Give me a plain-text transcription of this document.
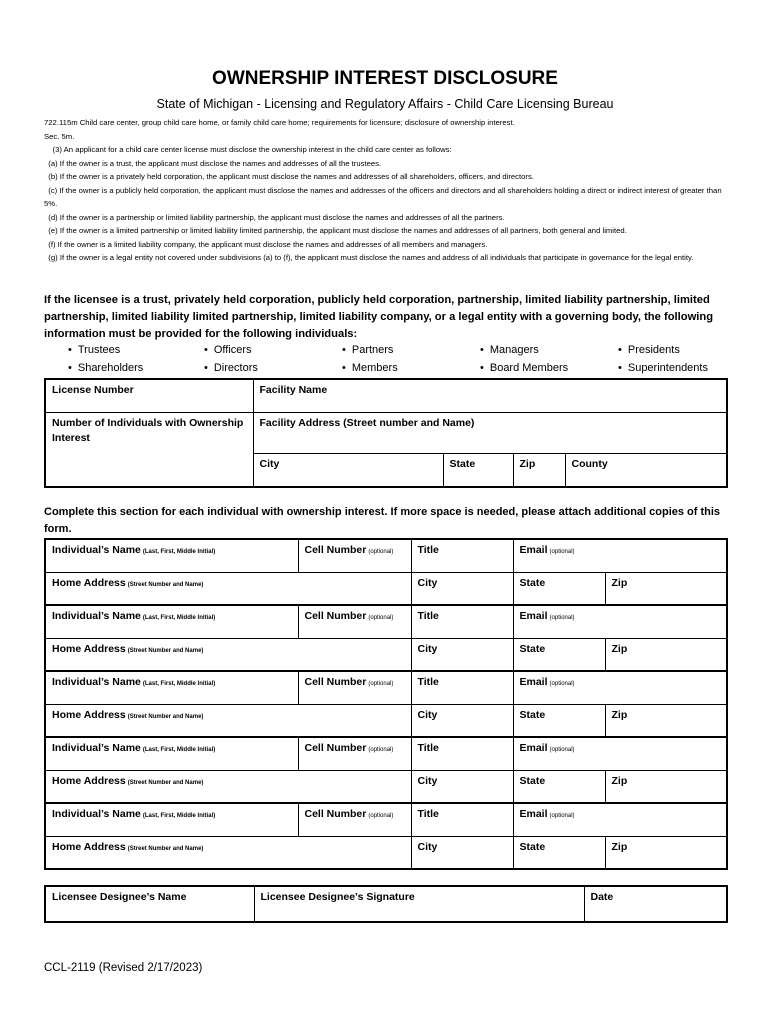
OWNERSHIP INTEREST DISCLOSURE
State of Michigan - Licensing and Regulatory Affairs - Child Care Licensing Bureau
722.115m Child care center, group child care home, or family child care home; requirements for licensure; disclosure of ownership interest.
Sec. 5m.
(3) An applicant for a child care center license must disclose the ownership interest in the child care center as follows:
(a) If the owner is a trust, the applicant must disclose the names and addresses of all the trustees.
(b) If the owner is a privately held corporation, the applicant must disclose the names and addresses of all shareholders, officers, and directors.
(c) If the owner is a publicly held corporation, the applicant must disclose the names and addresses of the officers and directors and all shareholders holding a direct or indirect interest of greater than 5%.
(d) If the owner is a partnership or limited liability partnership, the applicant must disclose the names and addresses of all the partners.
(e) If the owner is a limited partnership or limited liability limited partnership, the applicant must disclose the names and addresses of all partners, both general and limited.
(f) If the owner is a limited liability company, the applicant must disclose the names and addresses of all members and managers.
(g) If the owner is a legal entity not covered under subdivisions (a) to (f), the applicant must disclose the names and address of all individuals that participate in governance for the legal entity.
If the licensee is a trust, privately held corporation, publicly held corporation, partnership, limited liability partnership, limited partnership, limited liability limited partnership, limited liability company, or a legal entity with a governing body, the following information must be provided for the following individuals:
• Trustees	• Officers	• Partners	• Managers	• Presidents
• Shareholders	• Directors	• Members	• Board Members	• Superintendents
License Number	Facility Name			
Number of Individuals with Ownership Interest	Facility Address (Street number and Name)			
	City	State	Zip	County
Complete this section for each individual with ownership interest. If more space is needed, please attach additional copies of this form.
Individual’s Name (Last, First, Middle Initial)	Cell Number (optional)	Title	Email (optional)	
Home Address (Street Number and Name)		City	State	Zip
Individual’s Name (Last, First, Middle Initial)	Cell Number (optional)	Title	Email (optional)	
Home Address (Street Number and Name)		City	State	Zip
Individual’s Name (Last, First, Middle Initial)	Cell Number (optional)	Title	Email (optional)	
Home Address (Street Number and Name)		City	State	Zip
Individual’s Name (Last, First, Middle Initial)	Cell Number (optional)	Title	Email (optional)	
Home Address (Street Number and Name)		City	State	Zip
Individual’s Name (Last, First, Middle Initial)	Cell Number (optional)	Title	Email (optional)	
Home Address (Street Number and Name)		City	State	Zip
Licensee Designee’s Name	Licensee Designee’s Signature	Date
CCL-2119 (Revised 2/17/2023)
